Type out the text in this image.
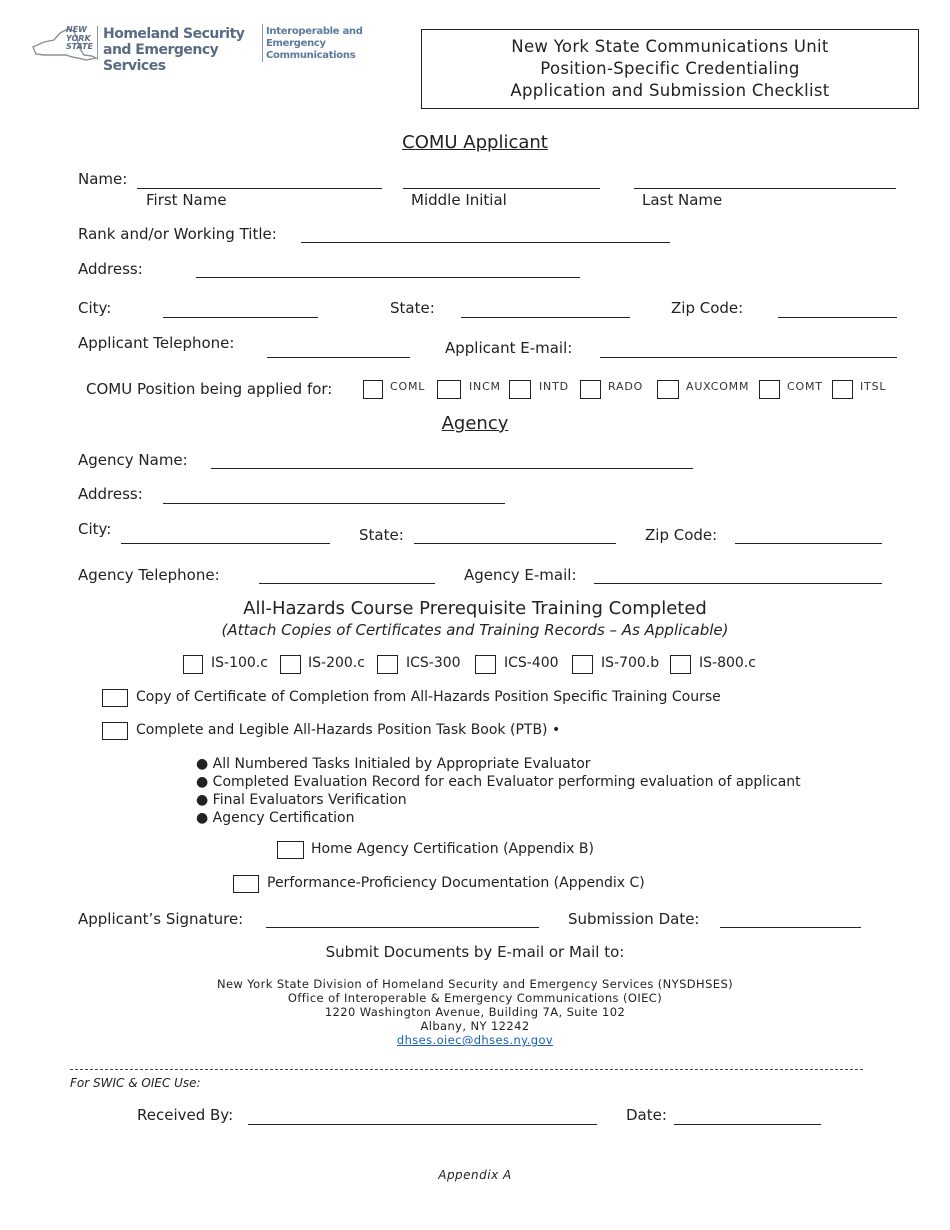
NEW YORK STATE
Homeland Security and Emergency Services
Interoperable and Emergency Communications	New York State Communications Unit
Position-Specific Credentialing
Application and Submission Checklist
COMU Applicant
Name:
First Name	Middle Initial	Last Name
Rank and/or Working Title:
Address:
City:	State:	Zip Code:
Applicant Telephone:	Applicant E-mail:
COMU Position being applied for:	COML	INCM	INTD	RADO	AUXCOMM	COMT	ITSL
Agency
Agency Name:
Address:
City:	State:	Zip Code:
Agency Telephone:	Agency E-mail:
All-Hazards Course Prerequisite Training Completed
(Attach Copies of Certificates and Training Records – As Applicable)
IS-100.c	IS-200.c	ICS-300	ICS-400	IS-700.b	IS-800.c
Copy of Certificate of Completion from All-Hazards Position Specific Training Course
Complete and Legible All-Hazards Position Task Book (PTB) •
● All Numbered Tasks Initialed by Appropriate Evaluator
● Completed Evaluation Record for each Evaluator performing evaluation of applicant
● Final Evaluators Verification
● Agency Certification
Home Agency Certification (Appendix B)
Performance-Proficiency Documentation (Appendix C)
Applicant’s Signature:	Submission Date:
Submit Documents by E-mail or Mail to:
New York State Division of Homeland Security and Emergency Services (NYSDHSES)
Office of Interoperable & Emergency Communications (OIEC)
1220 Washington Avenue, Building 7A, Suite 102
Albany, NY 12242
dhses.oiec@dhses.ny.gov
For SWIC & OIEC Use:
Received By:	Date:
Appendix A
